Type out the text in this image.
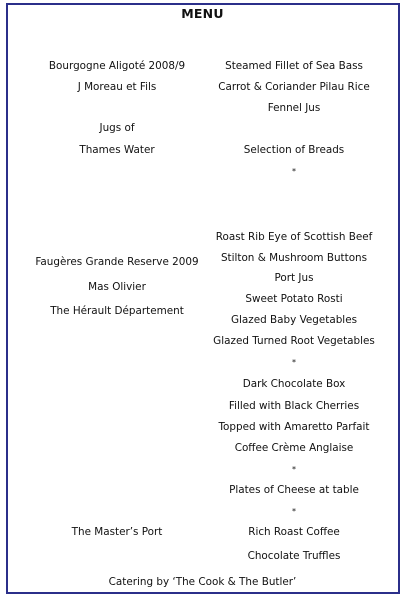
MENU
Bourgogne Aligoté 2008/9
J Moreau et Fils
Jugs of
Thames Water
Faugères Grande Reserve 2009
Mas Olivier
The Hérault Département
The Master’s Port
Steamed Fillet of Sea Bass
Carrot & Coriander Pilau Rice
Fennel Jus
Selection of Breads
*
Roast Rib Eye of Scottish Beef
Stilton & Mushroom Buttons
Port Jus
Sweet Potato Rosti
Glazed Baby Vegetables
Glazed Turned Root Vegetables
*
Dark Chocolate Box
Filled with Black Cherries
Topped with Amaretto Parfait
Coffee Crème Anglaise
*
Plates of Cheese at table
*
Rich Roast Coffee
Chocolate Truffles
Catering by ‘The Cook & The Butler’
